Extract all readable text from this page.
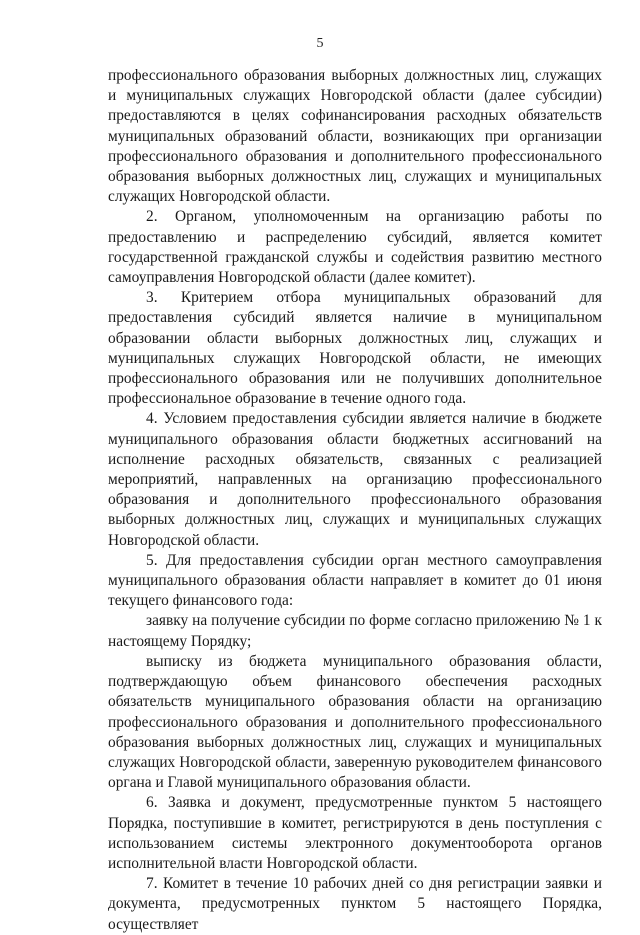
5

профессионального образования выборных должностных лиц, служащих и муниципальных служащих Новгородской области (далее субсидии) предоставляются в целях софинансирования расходных обязательств муниципальных образований области, возникающих при организации профессионального образования и дополнительного профессионального образования выборных должностных лиц, служащих и муниципальных служащих Новгородской области.

2. Органом, уполномоченным на организацию работы по предоставлению и распределению субсидий, является комитет государственной гражданской службы и содействия развитию местного самоуправления Новгородской области (далее комитет).

3. Критерием отбора муниципальных образований для предоставления субсидий является наличие в муниципальном образовании области выборных должностных лиц, служащих и муниципальных служащих Новгородской области, не имеющих профессионального образования или не получивших дополнительное профессиональное образование в течение одного года.

4. Условием предоставления субсидии является наличие в бюджете муниципального образования области бюджетных ассигнований на исполнение расходных обязательств, связанных с реализацией мероприятий, направленных на организацию профессионального образования и дополнительного профессионального образования выборных должностных лиц, служащих и муниципальных служащих Новгородской области.

5. Для предоставления субсидии орган местного самоуправления муниципального образования области направляет в комитет до 01 июня текущего финансового года:

заявку на получение субсидии по форме согласно приложению № 1 к настоящему Порядку;

выписку из бюджета муниципального образования области, подтверждающую объем финансового обеспечения расходных обязательств муниципального образования области на организацию профессионального образования и дополнительного профессионального образования выборных должностных лиц, служащих и муниципальных служащих Новгородской области, заверенную руководителем финансового органа и Главой муниципального образования области.

6. Заявка и документ, предусмотренные пунктом 5 настоящего Порядка, поступившие в комитет, регистрируются в день поступления с использованием системы электронного документооборота органов исполнительной власти Новгородской области.

7. Комитет в течение 10 рабочих дней со дня регистрации заявки и документа, предусмотренных пунктом 5 настоящего Порядка, осуществляет
